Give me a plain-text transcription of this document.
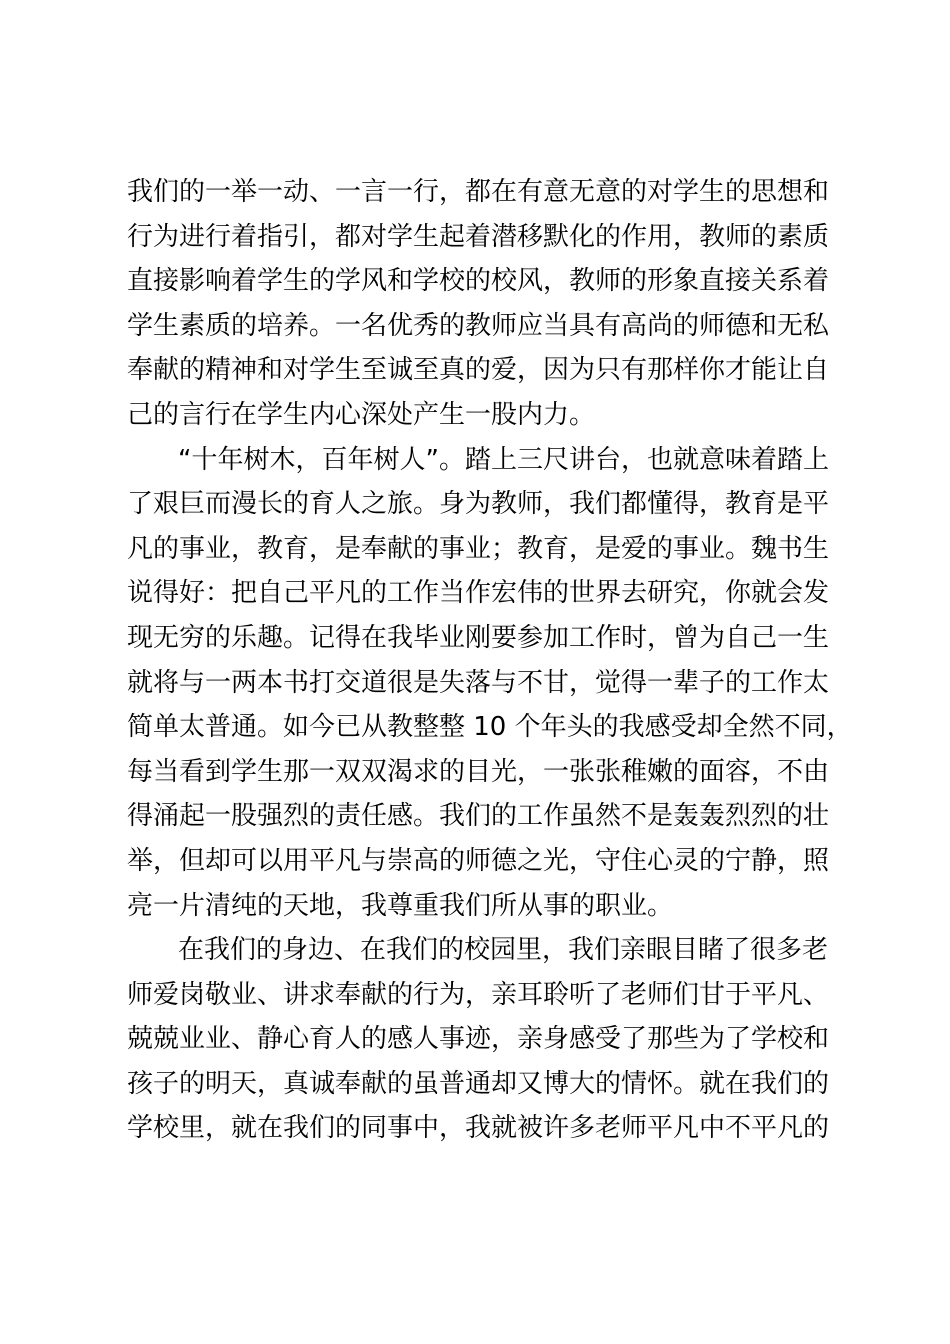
我们的一举一动、一言一行，都在有意无意的对学生的思想和
行为进行着指引，都对学生起着潜移默化的作用，教师的素质
直接影响着学生的学风和学校的校风，教师的形象直接关系着
学生素质的培养。一名优秀的教师应当具有高尚的师德和无私
奉献的精神和对学生至诚至真的爱，因为只有那样你才能让自
己的言行在学生内心深处产生一股内力。
“十年树木，百年树人”。踏上三尺讲台，也就意味着踏上
了艰巨而漫长的育人之旅。身为教师，我们都懂得，教育是平
凡的事业，教育，是奉献的事业；教育，是爱的事业。魏书生
说得好：把自己平凡的工作当作宏伟的世界去研究，你就会发
现无穷的乐趣。记得在我毕业刚要参加工作时，曾为自己一生
就将与一两本书打交道很是失落与不甘，觉得一辈子的工作太
简单太普通。如今已从教整整 10 个年头的我感受却全然不同，
每当看到学生那一双双渴求的目光，一张张稚嫩的面容，不由
得涌起一股强烈的责任感。我们的工作虽然不是轰轰烈烈的壮
举，但却可以用平凡与崇高的师德之光，守住心灵的宁静，照
亮一片清纯的天地，我尊重我们所从事的职业。
在我们的身边、在我们的校园里，我们亲眼目睹了很多老
师爱岗敬业、讲求奉献的行为，亲耳聆听了老师们甘于平凡、
兢兢业业、静心育人的感人事迹，亲身感受了那些为了学校和
孩子的明天，真诚奉献的虽普通却又博大的情怀。就在我们的
学校里，就在我们的同事中，我就被许多老师平凡中不平凡的
